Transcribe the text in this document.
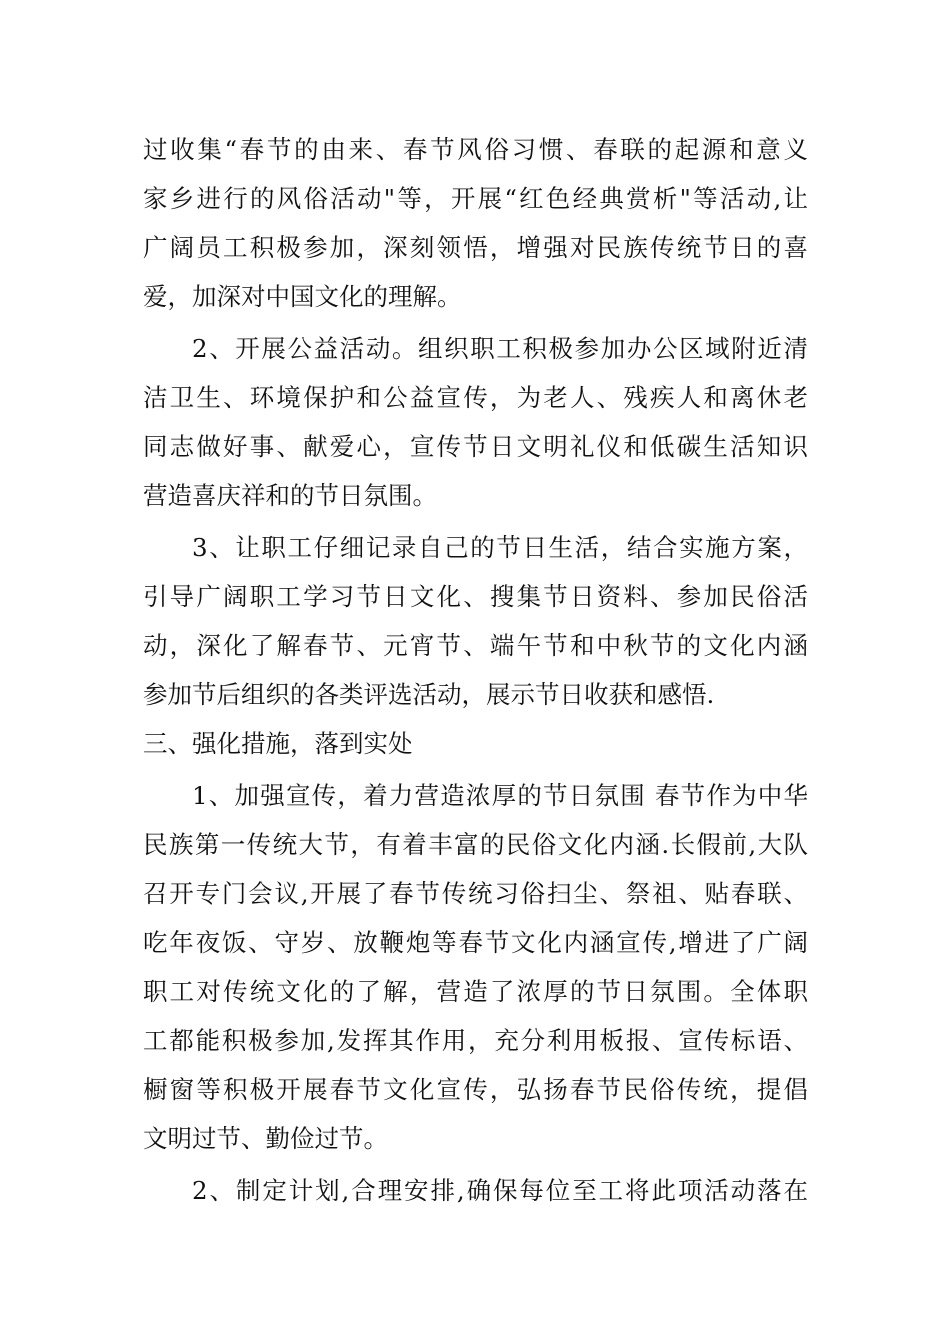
过收集“春节的由来、春节风俗习惯、春联的起源和意义
家乡进行的风俗活动"等，开展“红色经典赏析"等活动,让
广阔员工积极参加，深刻领悟，增强对民族传统节日的喜
爱，加深对中国文化的理解。
2、开展公益活动。组织职工积极参加办公区域附近清
洁卫生、环境保护和公益宣传，为老人、残疾人和离休老
同志做好事、献爱心，宣传节日文明礼仪和低碳生活知识
营造喜庆祥和的节日氛围。
3、让职工仔细记录自己的节日生活，结合实施方案，
引导广阔职工学习节日文化、搜集节日资料、参加民俗活
动，深化了解春节、元宵节、端午节和中秋节的文化内涵
参加节后组织的各类评选活动，展示节日收获和感悟.
三、强化措施，落到实处
1、加强宣传，着力营造浓厚的节日氛围 春节作为中华
民族第一传统大节，有着丰富的民俗文化内涵.长假前,大队
召开专门会议,开展了春节传统习俗扫尘、祭祖、贴春联、
吃年夜饭、守岁、放鞭炮等春节文化内涵宣传,增进了广阔
职工对传统文化的了解，营造了浓厚的节日氛围。全体职
工都能积极参加,发挥其作用，充分利用板报、宣传标语、
橱窗等积极开展春节文化宣传，弘扬春节民俗传统，提倡
文明过节、勤俭过节。
2、制定计划,合理安排,确保每位至工将此项活动落在
